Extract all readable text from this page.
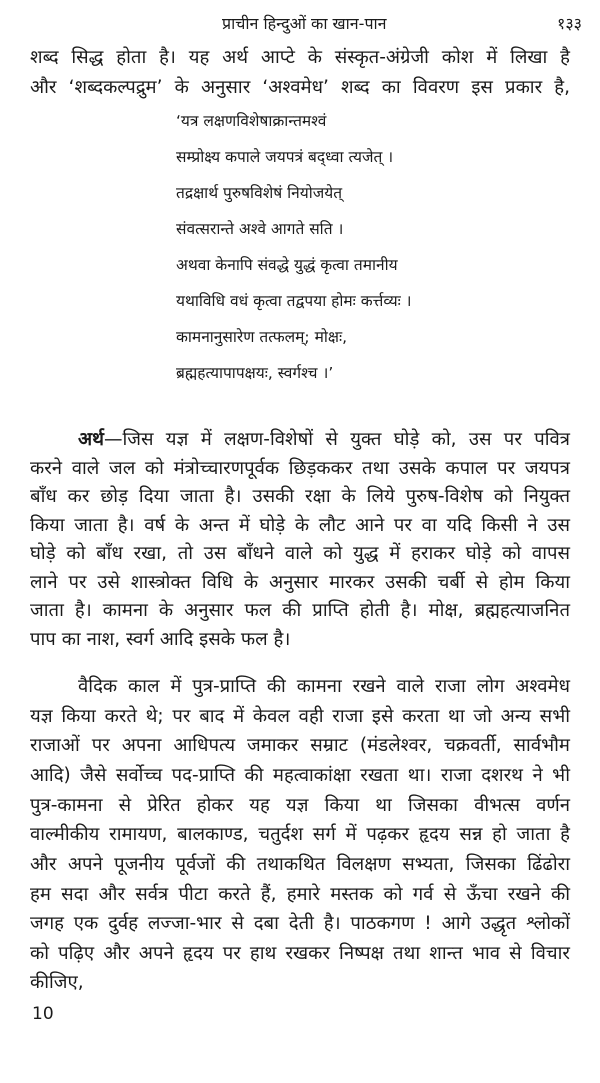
प्राचीन हिन्दुओं का खान-पान	१३३
शब्द सिद्ध होता है। यह अर्थ आप्टे के संस्कृत-अंग्रेजी कोश में लिखा है
और ‘शब्दकल्पद्रुम’ के अनुसार ‘अश्वमेध’ शब्द का विवरण इस प्रकार है,
‘यत्र लक्षणविशेषाक्रान्तमश्वं
सम्प्रोक्ष्य कपाले जयपत्रं बद्ध्वा त्यजेत् ।
तद्रक्षार्थ पुरुषविशेषं नियोजयेत्
संवत्सरान्ते अश्वे आगते सति ।
अथवा केनापि संवद्धे युद्धं कृत्वा तमानीय
यथाविधि वधं कृत्वा तद्वपया होमः कर्त्तव्यः ।
कामनानुसारेण तत्फलम्; मोक्षः,
ब्रह्महत्यापापक्षयः, स्वर्गश्च ।’
अर्थ—जिस यज्ञ में लक्षण-विशेषों से युक्त घोड़े को, उस पर पवित्र
करने वाले जल को मंत्रोच्चारणपूर्वक छिड़ककर तथा उसके कपाल पर जयपत्र
बाँध कर छोड़ दिया जाता है। उसकी रक्षा के लिये पुरुष-विशेष को नियुक्त
किया जाता है। वर्ष के अन्त में घोड़े के लौट आने पर वा यदि किसी ने उस
घोड़े को बाँध रखा, तो उस बाँधने वाले को युद्ध में हराकर घोड़े को वापस
लाने पर उसे शास्त्रोक्त विधि के अनुसार मारकर उसकी चर्बी से होम किया
जाता है। कामना के अनुसार फल की प्राप्ति होती है। मोक्ष, ब्रह्महत्याजनित
पाप का नाश, स्वर्ग आदि इसके फल है।
वैदिक काल में पुत्र-प्राप्ति की कामना रखने वाले राजा लोग अश्वमेध
यज्ञ किया करते थे; पर बाद में केवल वही राजा इसे करता था जो अन्य सभी
राजाओं पर अपना आधिपत्य जमाकर सम्राट (मंडलेश्वर, चक्रवर्ती, सार्वभौम
आदि) जैसे सर्वोच्च पद-प्राप्ति की महत्वाकांक्षा रखता था। राजा दशरथ ने भी
पुत्र-कामना से प्रेरित होकर यह यज्ञ किया था जिसका वीभत्स वर्णन
वाल्मीकीय रामायण, बालकाण्ड, चतुर्दश सर्ग में पढ़कर हृदय सन्न हो जाता है
और अपने पूजनीय पूर्वजों की तथाकथित विलक्षण सभ्यता, जिसका ढिंढोरा
हम सदा और सर्वत्र पीटा करते हैं, हमारे मस्तक को गर्व से ऊँचा रखने की
जगह एक दुर्वह लज्जा-भार से दबा देती है। पाठकगण ! आगे उद्धृत श्लोकों
को पढ़िए और अपने हृदय पर हाथ रखकर निष्पक्ष तथा शान्त भाव से विचार
कीजिए,
10
